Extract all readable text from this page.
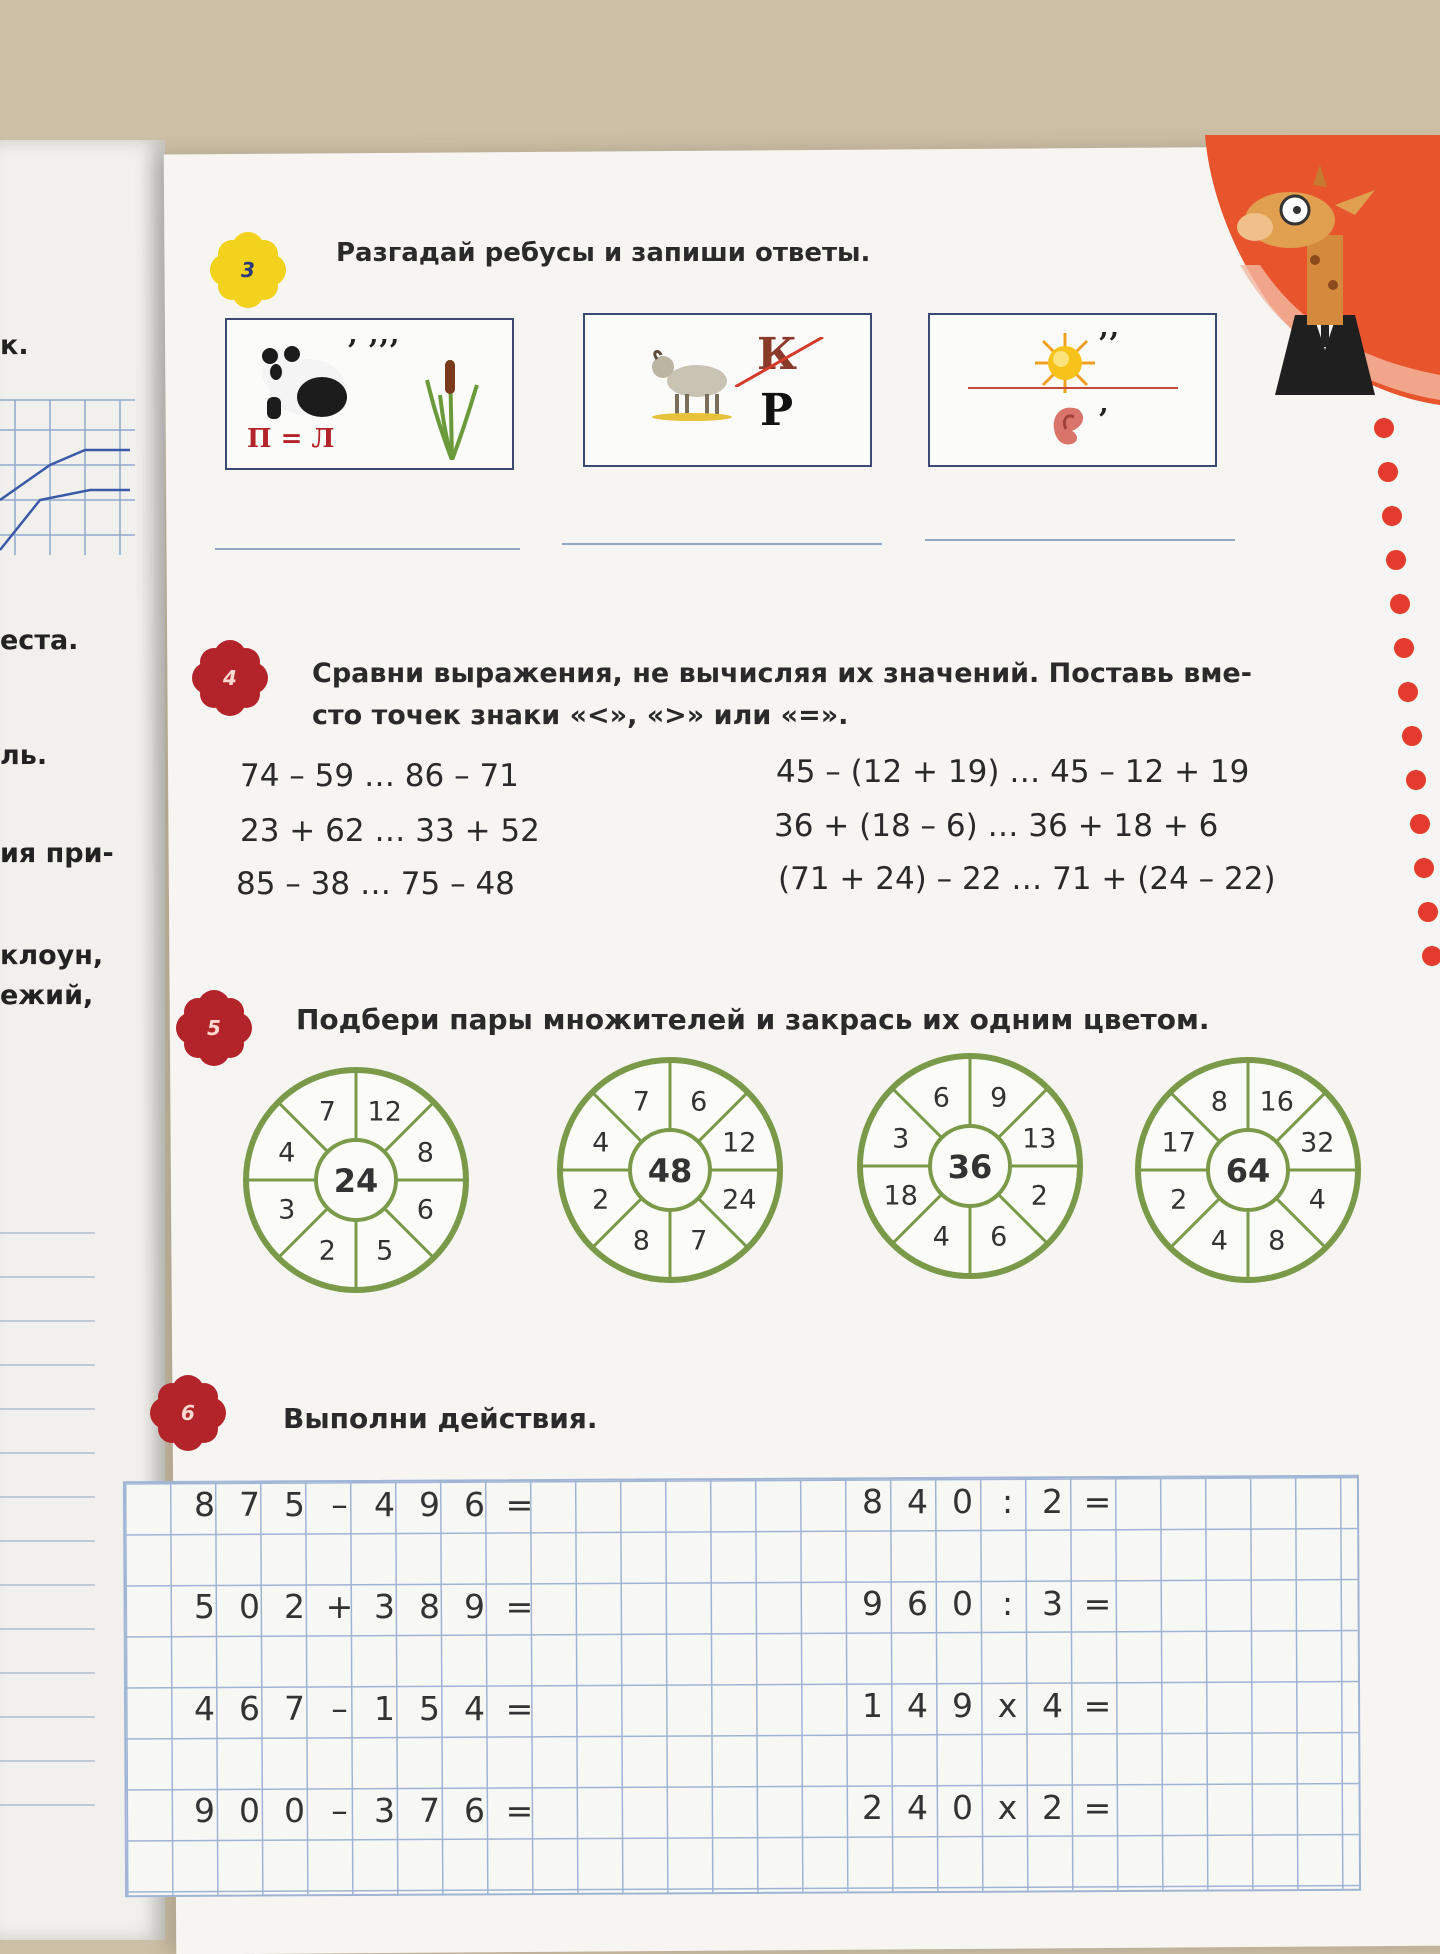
к.
еста.
ль.
ия при-
клоун,
ежий,
3
Разгадай ребусы и запиши ответы.
’ ’’’
П = Л
К
Р
’’
’
4	Сравни выражения, не вычисляя их значений. Поставь вме-
сто точек знаки «<», «>» или «=».
74 – 59 … 86 – 71
23 + 62 … 33 + 52
85 – 38 … 75 – 48
45 – (12 + 19) … 45 – 12 + 19
36 + (18 – 6) … 36 + 18 + 6
(71 + 24) – 22 … 71 + (24 – 22)
5	Подбери пары множителей и закрась их одним цветом.
24
12
8
6
5
2
3
4
7
48
6
12
24
7
8
2
4
7
36
9
13
2
6
4
18
3
6
64
16
32
4
8
4
2
17
8
6	Выполни действия.
8 7 5 – 4 9 6 =
5 0 2 + 3 8 9 =
4 6 7 – 1 5 4 =
9 0 0 – 3 7 6 =
8 4 0 : 2 =
9 6 0 : 3 =
1 4 9 x 4 =
2 4 0 x 2 =
